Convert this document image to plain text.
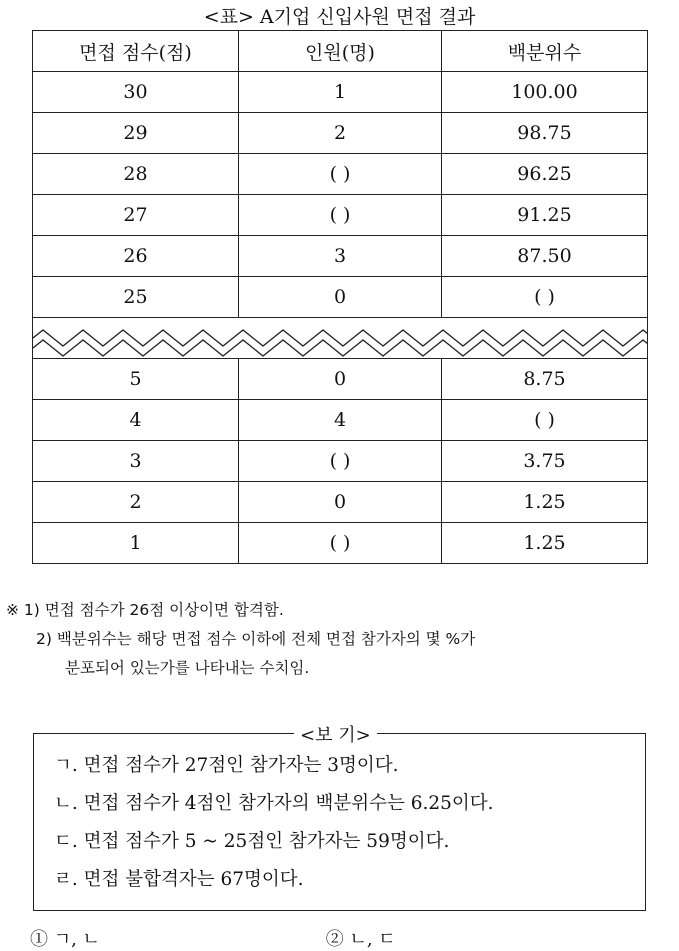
<표> A기업 신입사원 면접 결과
면접 점수(점)	인원(명)	백분위수
30	1	100.00
29	2	98.75
28	( )	96.25
27	( )	91.25
26	3	87.50
25	0	( )

5	0	8.75
4	4	( )
3	( )	3.75
2	0	1.25
1	( )	1.25
※ 1) 면접 점수가 26점 이상이면 합격함.
2) 백분위수는 해당 면접 점수 이하에 전체 면접 참가자의 몇 %가
분포되어 있는가를 나타내는 수치임.
<보 기>
ㄱ. 면접 점수가 27점인 참가자는 3명이다.
ㄴ. 면접 점수가 4점인 참가자의 백분위수는 6.25이다.
ㄷ. 면접 점수가 5 ~ 25점인 참가자는 59명이다.
ㄹ. 면접 불합격자는 67명이다.
① ㄱ, ㄴ	② ㄴ, ㄷ
